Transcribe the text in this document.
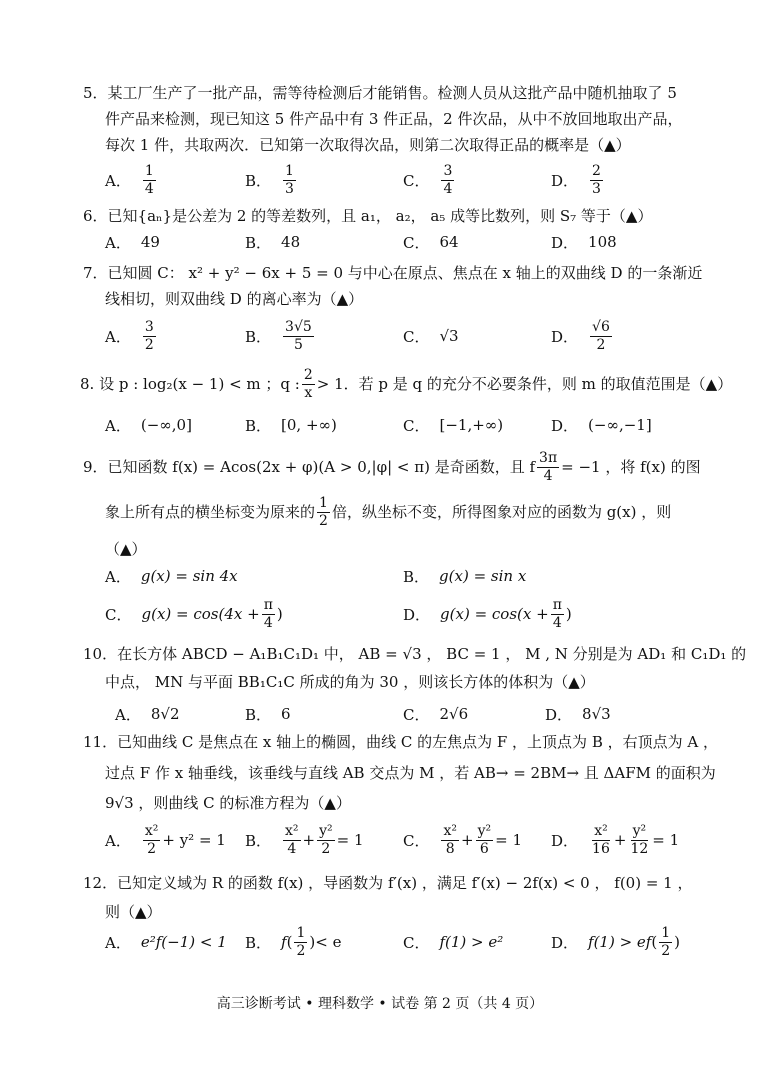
5．某工厂生产了一批产品，需等待检测后才能销售。检测人员从这批产品中随机抽取了 5
件产品来检测，现已知这 5 件产品中有 3 件正品，2 件次品，从中不放回地取出产品，
每次 1 件，共取两次．已知第一次取得次品，则第二次取得正品的概率是（▲）
A． $\frac{1}{4}$	B． $\frac{1}{3}$	C． $\frac{3}{4}$	D． $\frac{2}{3}$
6．已知{aₙ}是公差为 2 的等差数列，且 a₁， a₂， a₅ 成等比数列，则 S₇ 等于（▲）
A． 49	B． 48	C． 64	D． 108
7．已知圆 C： x² + y² − 6x + 5 = 0 与中心在原点、焦点在 x 轴上的双曲线 D 的一条渐近
线相切，则双曲线 D 的离心率为（▲）
A． $\frac{3}{2}$	B． $\frac{3√5}{5}$	C． √3	D． $\frac{√6}{2}$
8. 设 p : log₂(x − 1) < m ；q : $\frac{2}{x} > 1$．若 p 是 q 的充分不必要条件，则 m 的取值范围是（▲）
A． (−∞,0]	B． [0, +∞)	C． [−1,+∞)	D． (−∞,−1]
9．已知函数 f(x) = Acos(2x + φ)(A > 0,|φ| < π) 是奇函数，且 f $\frac{3\pi}{4} = -1$ ，将 f(x) 的图
象上所有点的横坐标变为原来的 $\frac{1}{2}$ 倍，纵坐标不变，所得图象对应的函数为 g(x) ，则
（▲）
A． g(x) = sin 4x	B． g(x) = sin x
C． $g(x) = \cos(4x + \frac{\pi}{4}$ )	D． $g(x) = \cos(x + \frac{\pi}{4}$ )
10．在长方体 ABCD − A₁B₁C₁D₁ 中， AB = √3 ， BC = 1 ， M , N 分别是为 AD₁ 和 C₁D₁ 的
中点， MN 与平面 BB₁C₁C 所成的角为 30 ，则该长方体的体积为（▲）
A． 8√2	B． 6	C． 2√6	D． 8√3
11．已知曲线 C 是焦点在 x 轴上的椭圆，曲线 C 的左焦点为 F ，上顶点为 B ，右顶点为 A ，
过点 F 作 x 轴垂线，该垂线与直线 AB 交点为 M ，若 AB→ = 2BM→ 且 ΔAFM 的面积为
9√3 ，则曲线 C 的标准方程为（▲）
A． $\frac{\text{x²}}{2} + y^2 = 1$ B． $\frac{\text{x²}}{4} + \frac{\text{y²}}{2} = 1$	C． $\frac{\text{x²}}{8} + \frac{\text{y²}}{6} = 1$ D． $\frac{\text{x²}}{16} + \frac{\text{y²}}{12} = 1$
12．已知定义域为 R 的函数 f(x) ，导函数为 f′(x) ，满足 f′(x) − 2f(x) < 0 ， f(0) = 1 ，
则（▲）
A． e²f(−1) < 1 B． f ( $\frac{1}{2}$ ) < e	C． f(1) > e²	D． f(1) > ef ( $\frac{1}{2}$ )
高三诊断考试 • 理科数学 • 试卷 第 2 页（共 4 页）
